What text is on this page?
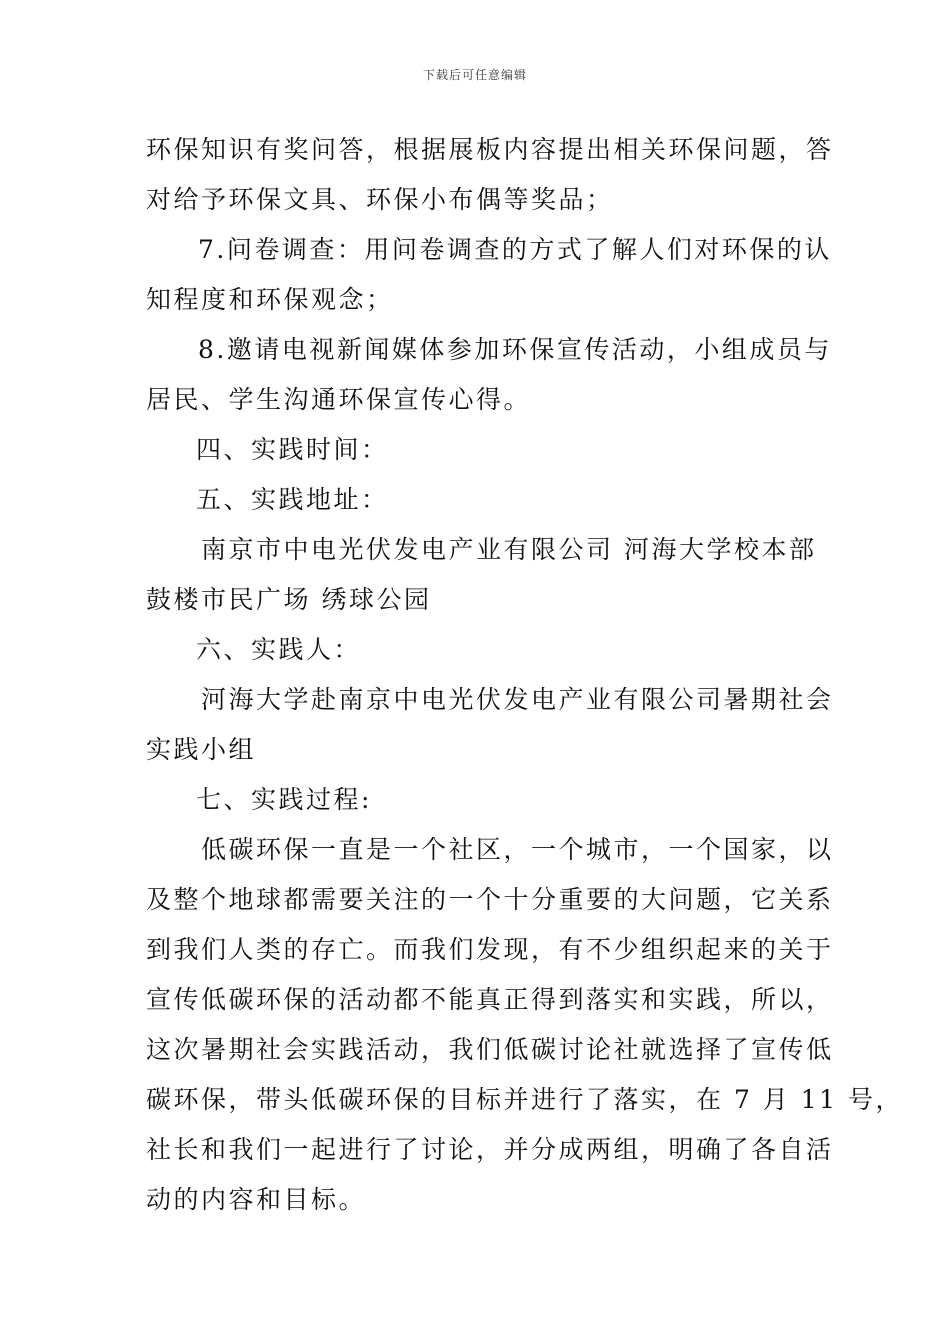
下载后可任意编辑
环保知识有奖问答，根据展板内容提出相关环保问题，答
对给予环保文具、环保小布偶等奖品；
7.问卷调查：用问卷调查的方式了解人们对环保的认
知程度和环保观念；
8.邀请电视新闻媒体参加环保宣传活动，小组成员与
居民、学生沟通环保宣传心得。
四、实践时间：
五、实践地址：
南京市中电光伏发电产业有限公司 河海大学校本部
鼓楼市民广场 绣球公园
六、实践人：
河海大学赴南京中电光伏发电产业有限公司暑期社会
实践小组
七、实践过程:
低碳环保一直是一个社区，一个城市，一个国家，以
及整个地球都需要关注的一个十分重要的大问题，它关系
到我们人类的存亡。而我们发现，有不少组织起来的关于
宣传低碳环保的活动都不能真正得到落实和实践，所以，
这次暑期社会实践活动，我们低碳讨论社就选择了宣传低
碳环保，带头低碳环保的目标并进行了落实，在 7 月 11 号，
社长和我们一起进行了讨论，并分成两组，明确了各自活
动的内容和目标。
